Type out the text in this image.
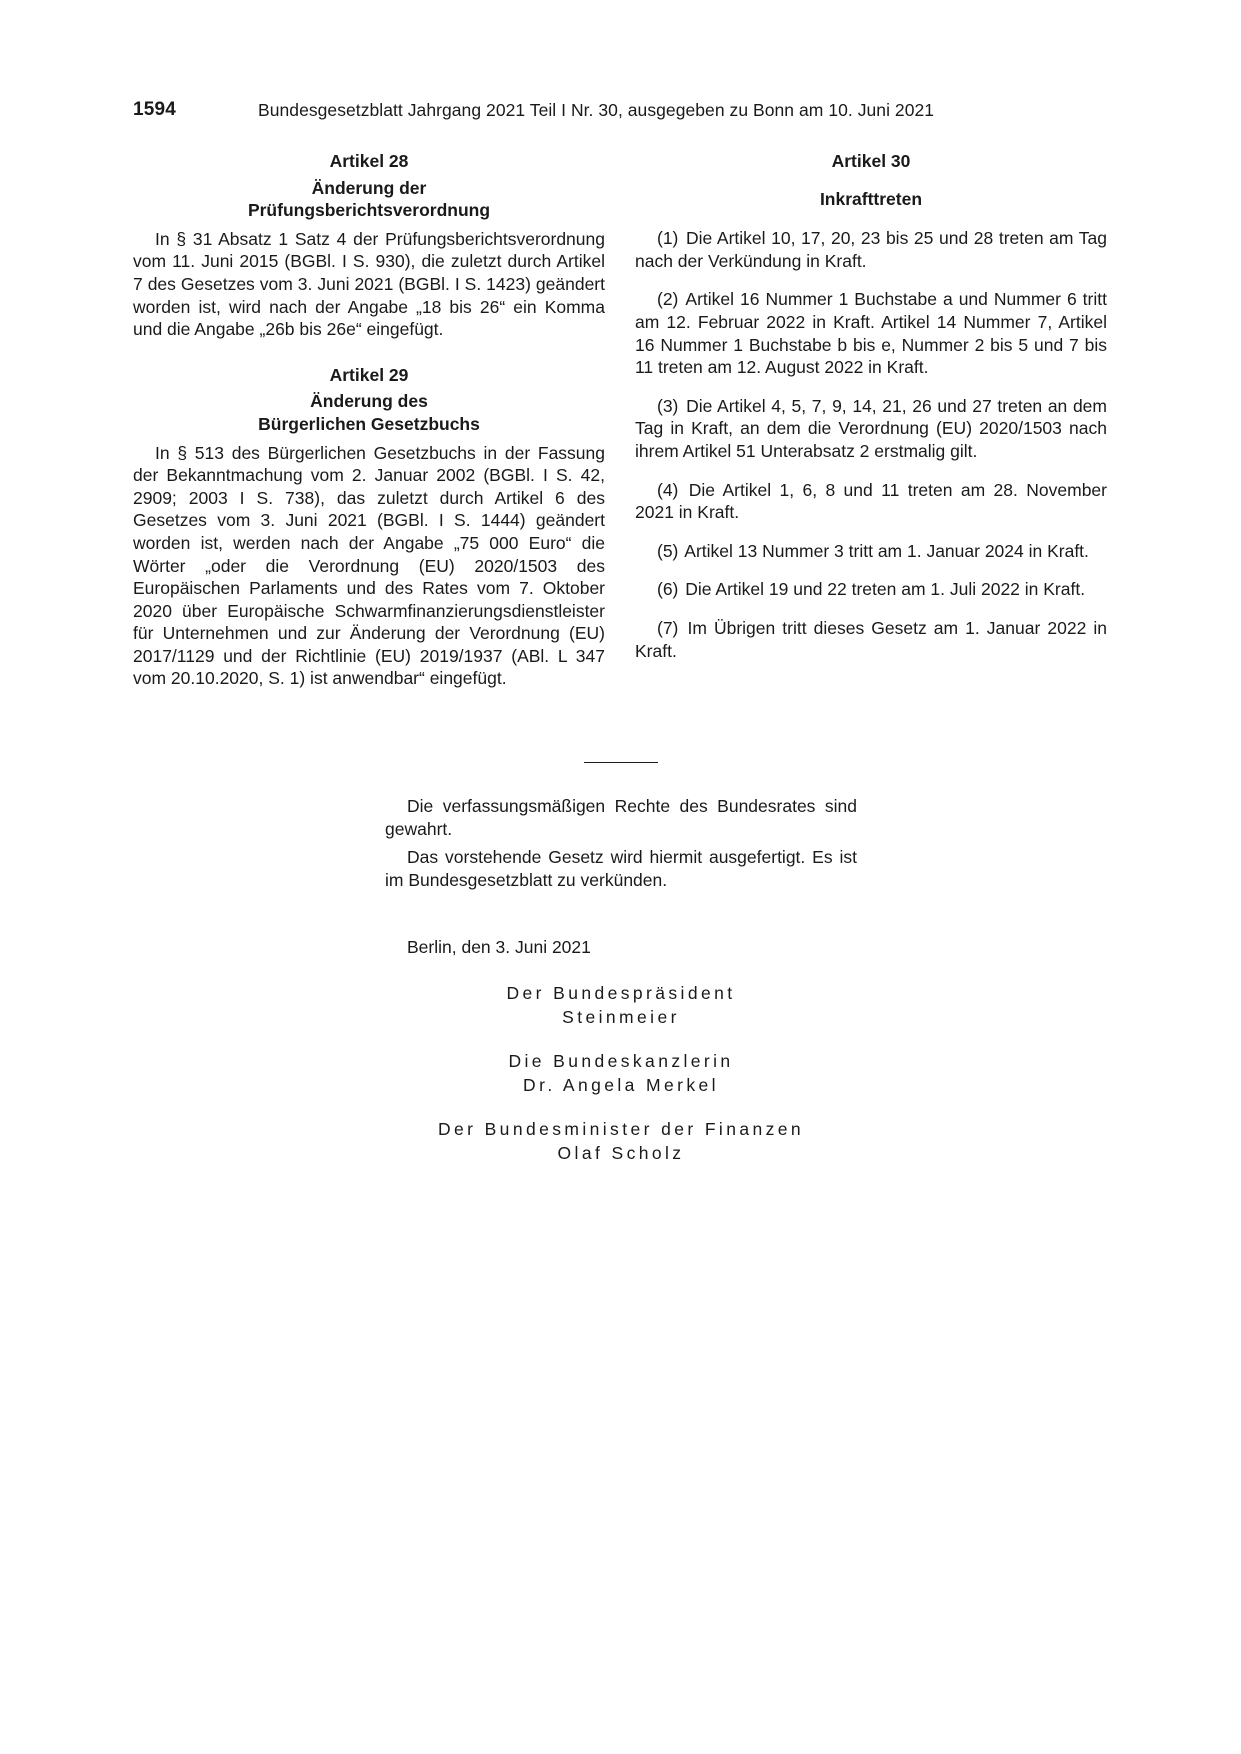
1594	Bundesgesetzblatt Jahrgang 2021 Teil I Nr. 30, ausgegeben zu Bonn am 10. Juni 2021

Artikel 28

Änderung der
Prüfungsberichtsverordnung

In § 31 Absatz 1 Satz 4 der Prüfungsberichtsverordnung vom 11. Juni 2015 (BGBl. I S. 930), die zuletzt durch Artikel 7 des Gesetzes vom 3. Juni 2021 (BGBl. I S. 1423) geändert worden ist, wird nach der Angabe „18 bis 26“ ein Komma und die Angabe „26b bis 26e“ eingefügt.

Artikel 29

Änderung des
Bürgerlichen Gesetzbuchs

In § 513 des Bürgerlichen Gesetzbuchs in der Fassung der Bekanntmachung vom 2. Januar 2002 (BGBl. I S. 42, 2909; 2003 I S. 738), das zuletzt durch Artikel 6 des Gesetzes vom 3. Juni 2021 (BGBl. I S. 1444) geändert worden ist, werden nach der Angabe „75 000 Euro“ die Wörter „oder die Verordnung (EU) 2020/1503 des Europäischen Parlaments und des Rates vom 7. Oktober 2020 über Europäische Schwarmfinanzierungsdienstleister für Unternehmen und zur Änderung der Verordnung (EU) 2017/1129 und der Richtlinie (EU) 2019/1937 (ABl. L 347 vom 20.10.2020, S. 1) ist anwendbar“ eingefügt.

Artikel 30

Inkrafttreten

(1) Die Artikel 10, 17, 20, 23 bis 25 und 28 treten am Tag nach der Verkündung in Kraft.

(2) Artikel 16 Nummer 1 Buchstabe a und Nummer 6 tritt am 12. Februar 2022 in Kraft. Artikel 14 Nummer 7, Artikel 16 Nummer 1 Buchstabe b bis e, Nummer 2 bis 5 und 7 bis 11 treten am 12. August 2022 in Kraft.

(3) Die Artikel 4, 5, 7, 9, 14, 21, 26 und 27 treten an dem Tag in Kraft, an dem die Verordnung (EU) 2020/1503 nach ihrem Artikel 51 Unterabsatz 2 erstmalig gilt.

(4) Die Artikel 1, 6, 8 und 11 treten am 28. November 2021 in Kraft.

(5) Artikel 13 Nummer 3 tritt am 1. Januar 2024 in Kraft.

(6) Die Artikel 19 und 22 treten am 1. Juli 2022 in Kraft.

(7) Im Übrigen tritt dieses Gesetz am 1. Januar 2022 in Kraft.

Die verfassungsmäßigen Rechte des Bundesrates sind gewahrt.

Das vorstehende Gesetz wird hiermit ausgefertigt. Es ist im Bundesgesetzblatt zu verkünden.

Berlin, den 3. Juni 2021
Der Bundespräsident
Steinmeier
Die Bundeskanzlerin
Dr. Angela Merkel
Der Bundesminister der Finanzen
Olaf Scholz
